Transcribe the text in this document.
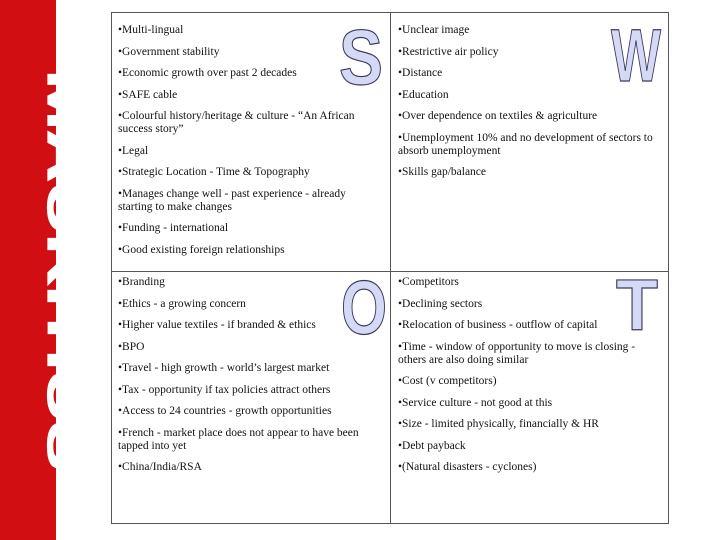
MAURITIUS
•Multi-lingual
•Government stability
•Economic growth over past 2 decades
•SAFE cable
•Colourful history/heritage & culture - “An African success story”
•Legal
•Strategic Location - Time & Topography
•Manages change well - past experience - already starting to make changes
•Funding - international
•Good existing foreign relationships
•Unclear image
•Restrictive air policy
•Distance
•Education
•Over dependence on textiles & agriculture
•Unemployment 10% and no development of sectors to absorb unemployment
•Skills gap/balance
•Branding
•Ethics - a growing concern
•Higher value textiles - if branded & ethics
•BPO
•Travel - high growth - world’s largest market
•Tax - opportunity if tax policies attract others
•Access to 24 countries - growth opportunities
•French - market place does not appear to have been tapped into yet
•China/India/RSA
•Competitors
•Declining sectors
•Relocation of business - outflow of capital
•Time - window of opportunity to move is closing - others are also doing similar
•Cost (v competitors)
•Service culture - not good at this
•Size - limited physically, financially & HR
•Debt payback
•(Natural disasters - cyclones)
S	W
O	T
